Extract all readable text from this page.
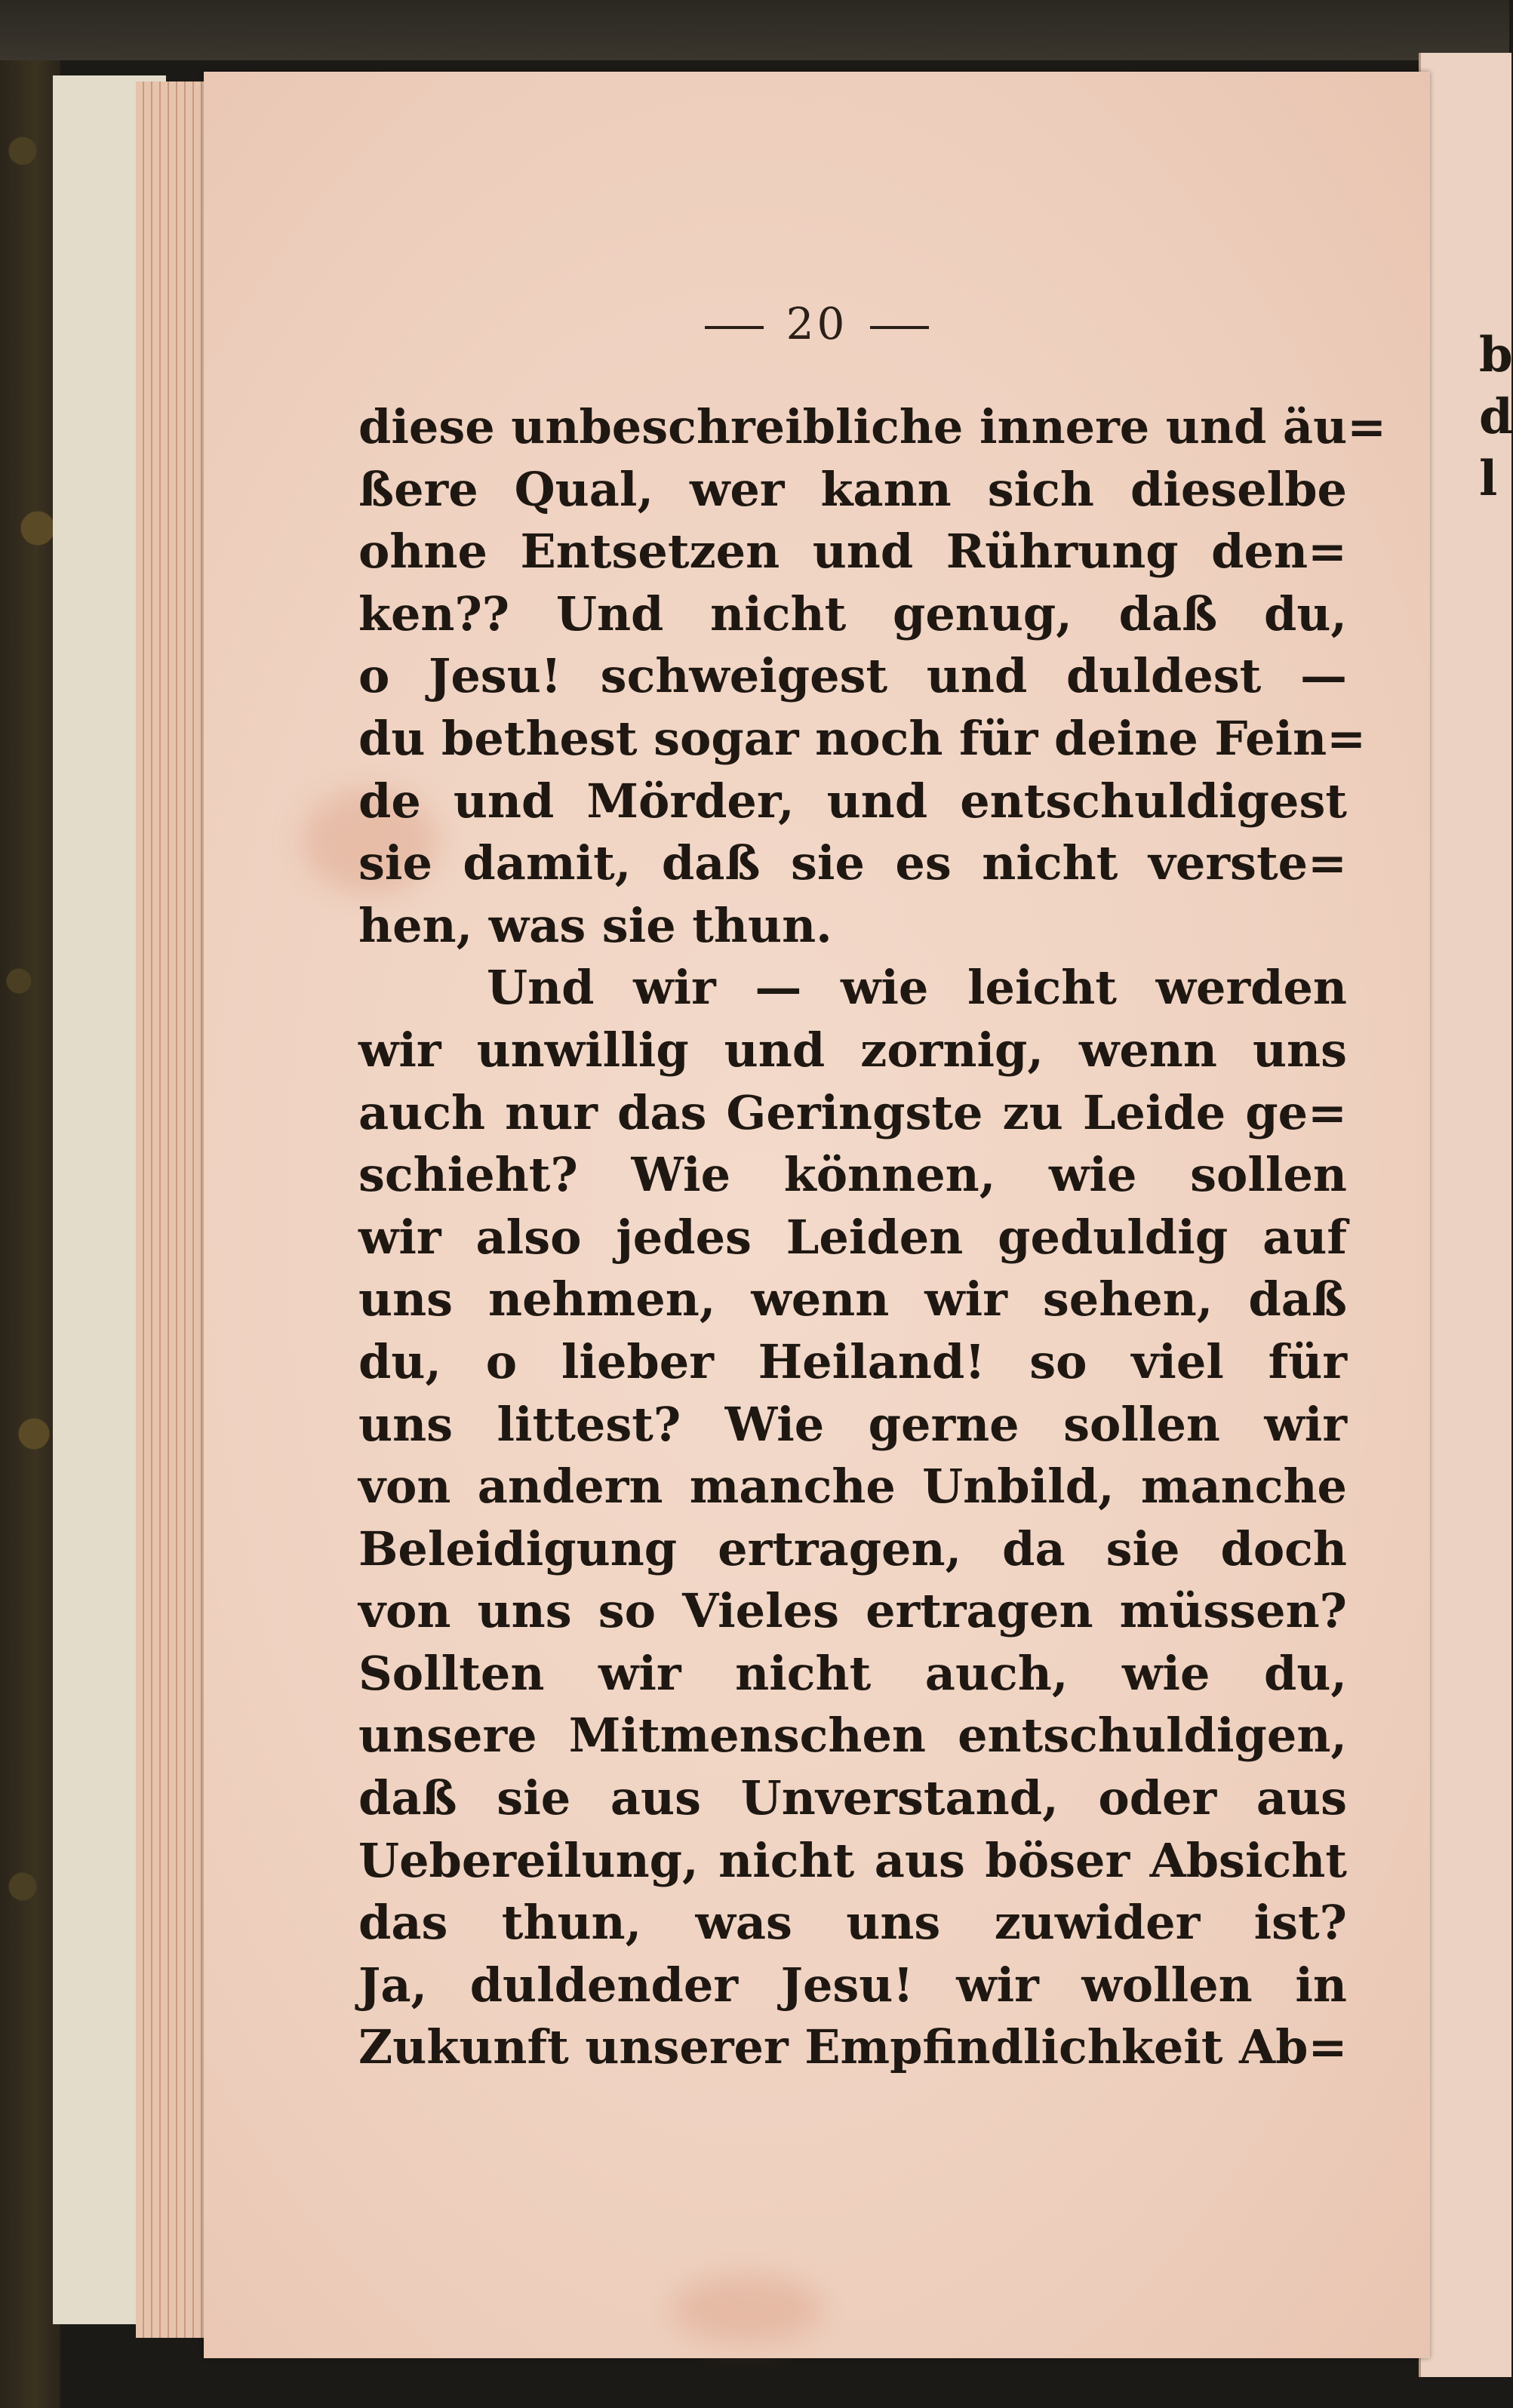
b
d
l
20
diese unbeschreibliche innere und äu=
ßere Qual, wer kann sich dieselbe
ohne Entsetzen und Rührung den=
ken?? Und nicht genug, daß du,
o Jesu! schweigest und duldest —
du bethest sogar noch für deine Fein=
de und Mörder, und entschuldigest
sie damit, daß sie es nicht verste=
hen, was sie thun.
Und wir — wie leicht werden
wir unwillig und zornig, wenn uns
auch nur das Geringste zu Leide ge=
schieht? Wie können, wie sollen
wir also jedes Leiden geduldig auf
uns nehmen, wenn wir sehen, daß
du, o lieber Heiland! so viel für
uns littest? Wie gerne sollen wir
von andern manche Unbild, manche
Beleidigung ertragen, da sie doch
von uns so Vieles ertragen müssen?
Sollten wir nicht auch, wie du,
unsere Mitmenschen entschuldigen,
daß sie aus Unverstand, oder aus
Uebereilung, nicht aus böser Absicht
das thun, was uns zuwider ist?
Ja, duldender Jesu! wir wollen in
Zukunft unserer Empfindlichkeit Ab=
